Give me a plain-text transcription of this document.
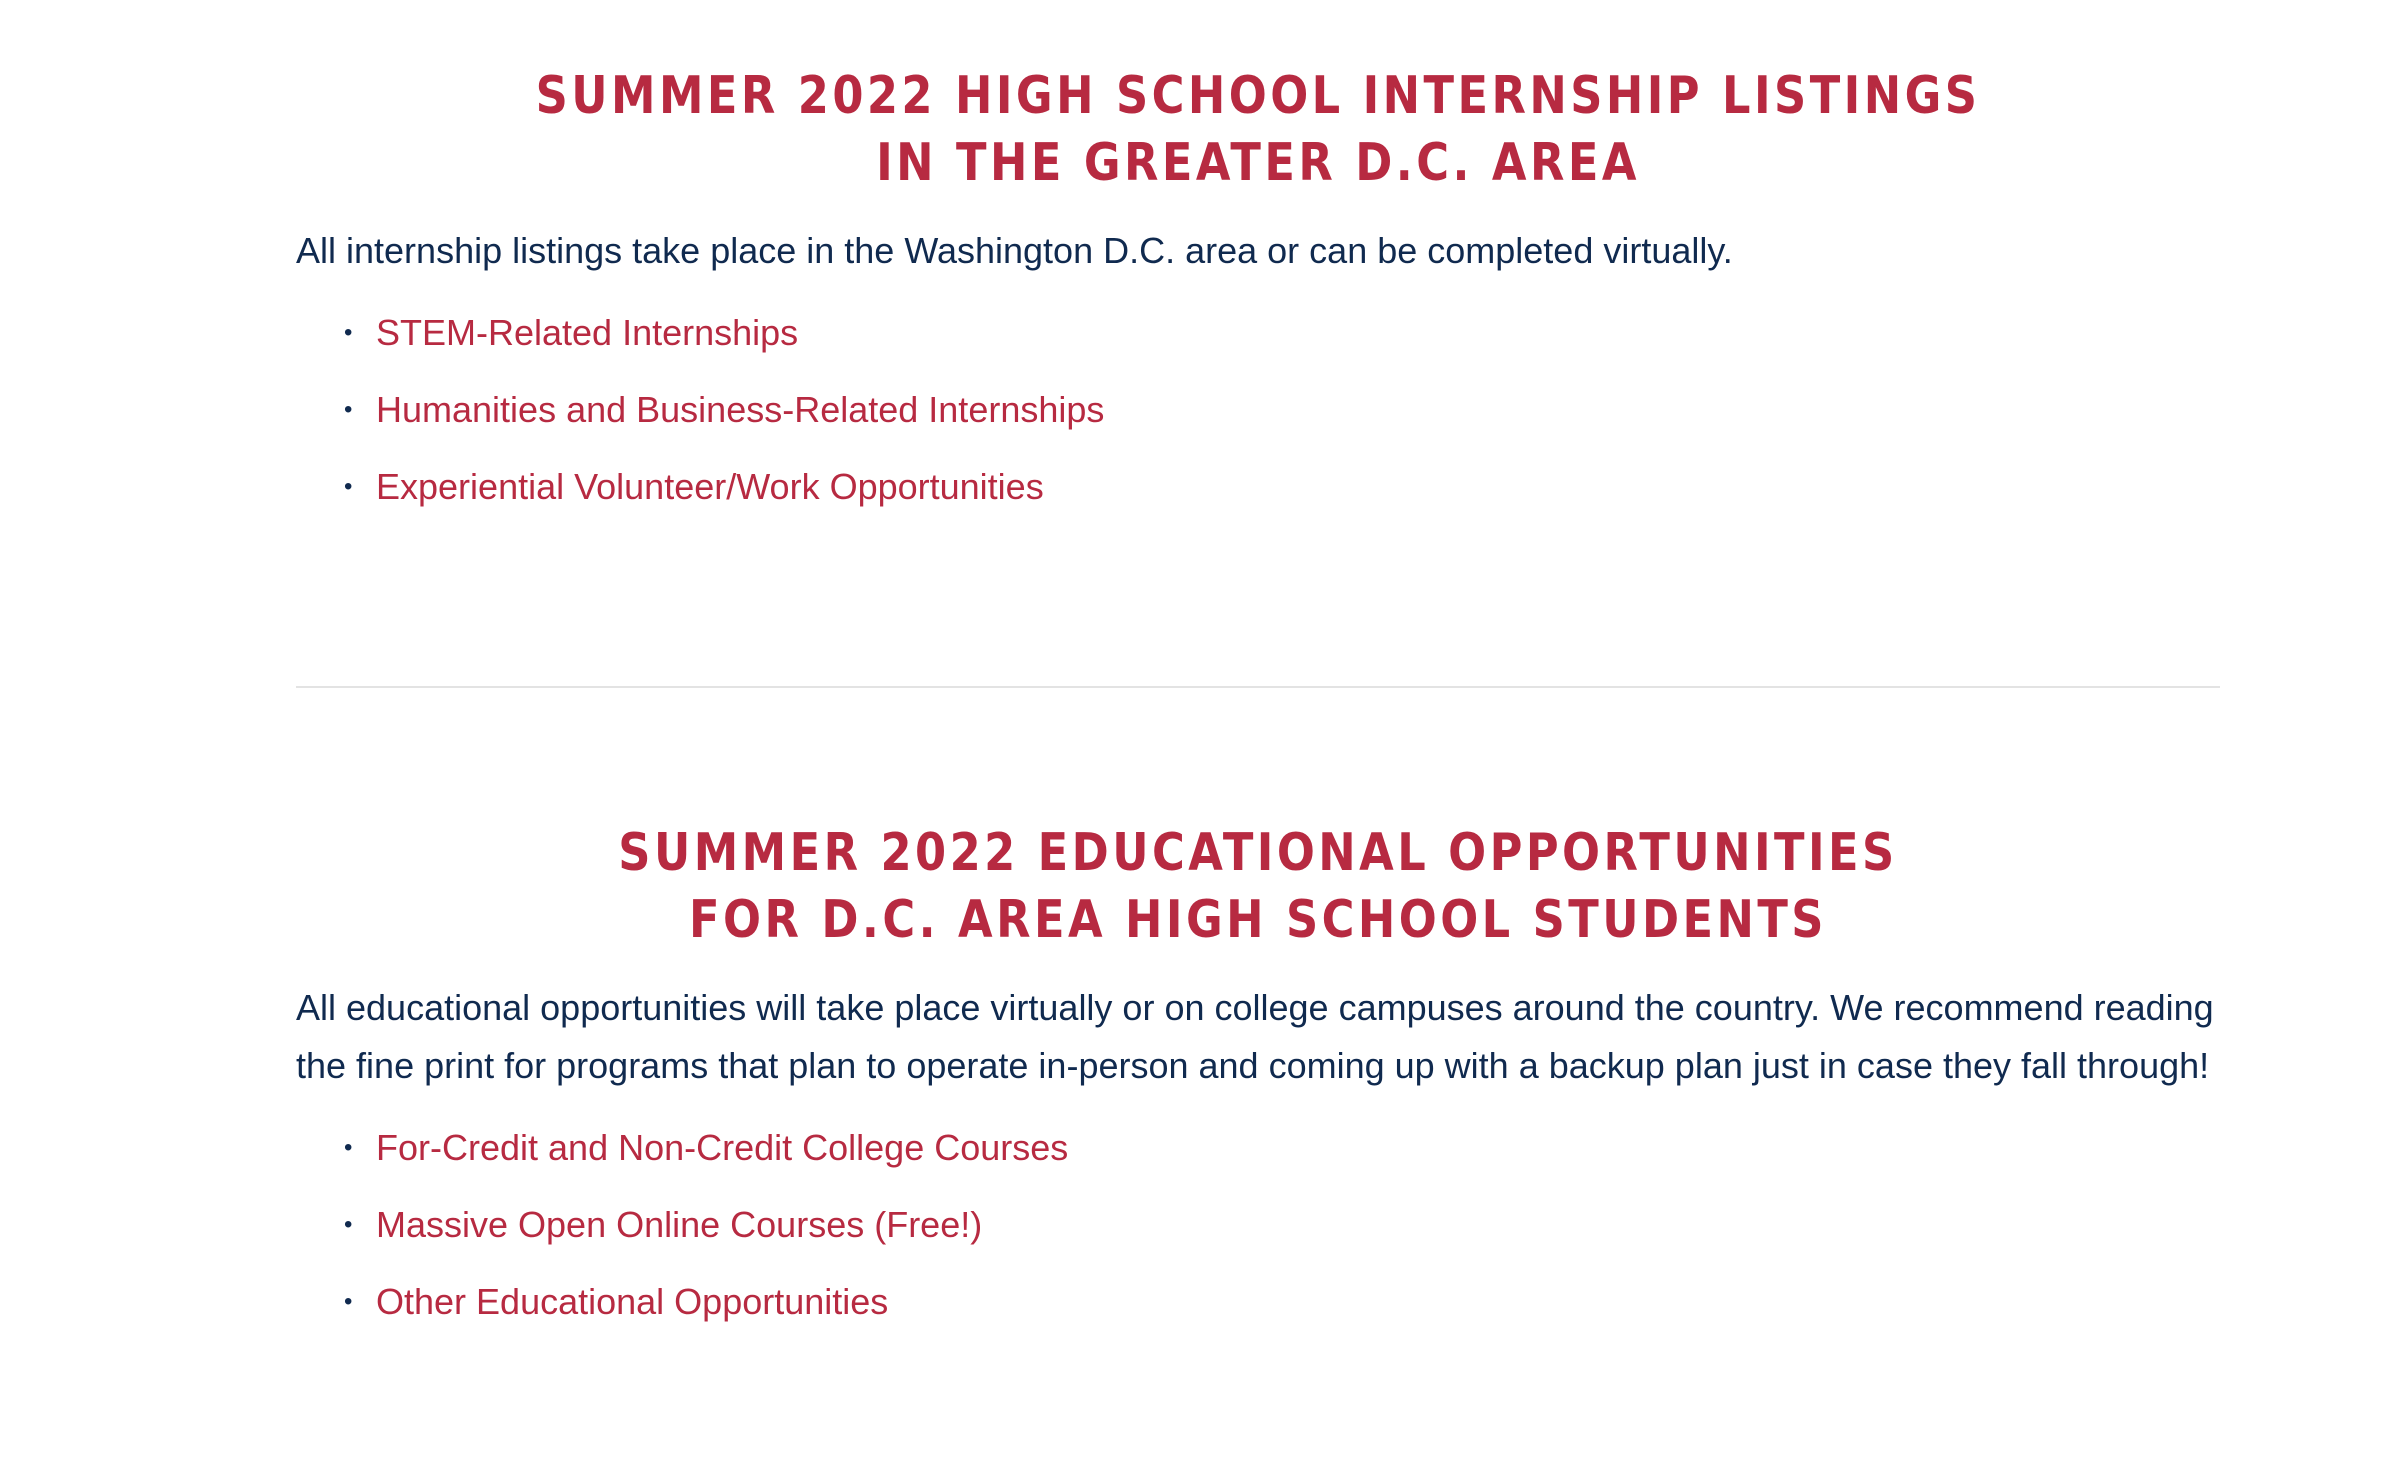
SUMMER 2022 HIGH SCHOOL INTERNSHIP LISTINGS
IN THE GREATER D.C. AREA

All internship listings take place in the Washington D.C. area or can be completed virtually.

• STEM-Related Internships
• Humanities and Business-Related Internships
• Experiential Volunteer/Work Opportunities
SUMMER 2022 EDUCATIONAL OPPORTUNITIES
FOR D.C. AREA HIGH SCHOOL STUDENTS

All educational opportunities will take place virtually or on college campuses around the country. We recommend reading the fine print for programs that plan to operate in-person and coming up with a backup plan just in case they fall through!

• For-Credit and Non-Credit College Courses
• Massive Open Online Courses (Free!)
• Other Educational Opportunities
